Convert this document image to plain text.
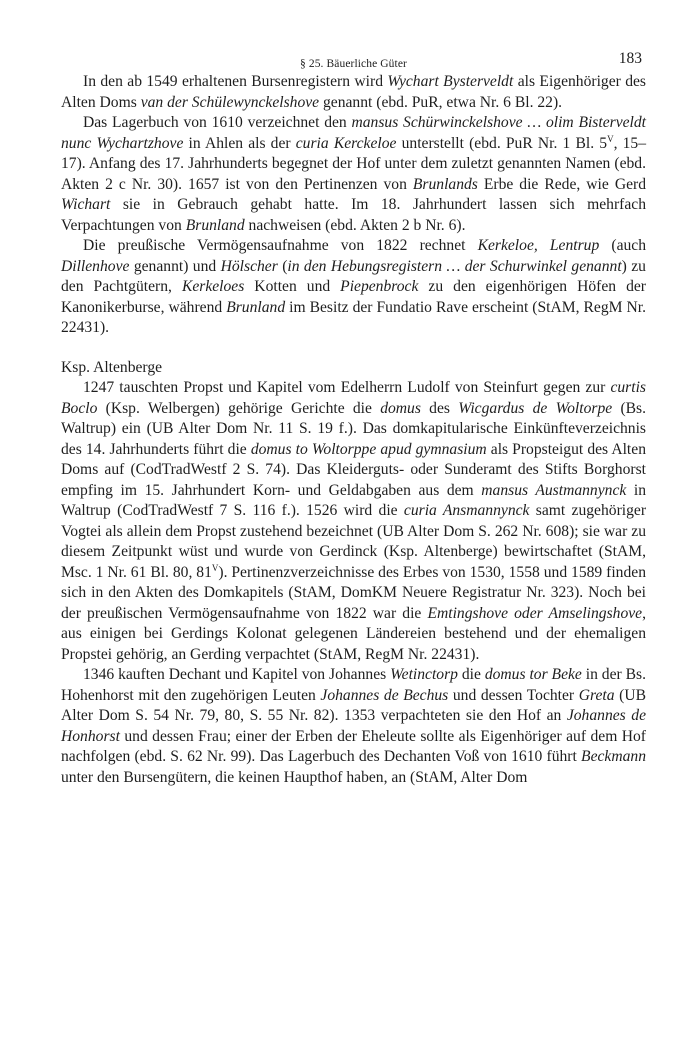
§ 25. Bäuerliche Güter	183

In den ab 1549 erhaltenen Bursenregistern wird Wychart Bysterveldt als Eigenhöriger des Alten Doms van der Schülewynckelshove genannt (ebd. PuR, etwa Nr. 6 Bl. 22).

Das Lagerbuch von 1610 verzeichnet den mansus Schürwinckelshove … olim Bisterveldt nunc Wychartzhove in Ahlen als der curia Kerckeloe unterstellt (ebd. PuR Nr. 1 Bl. $5^V$, 15–17). Anfang des 17. Jahrhunderts begegnet der Hof unter dem zuletzt genannten Namen (ebd. Akten 2 c Nr. 30). 1657 ist von den Pertinenzen von Brunlands Erbe die Rede, wie Gerd Wichart sie in Gebrauch gehabt hatte. Im 18. Jahrhundert lassen sich mehrfach Verpachtungen von Brunland nachweisen (ebd. Akten 2 b Nr. 6).

Die preußische Vermögensaufnahme von 1822 rechnet Kerkeloe, Lentrup (auch Dillenhove genannt) und Hölscher (in den Hebungsregistern … der Schurwinkel genannt) zu den Pachtgütern, Kerkeloes Kotten und Piepenbrock zu den eigenhörigen Höfen der Kanonikerburse, während Brunland im Besitz der Fundatio Rave erscheint (StAM, RegM Nr. 22431).

Ksp. Altenberge

1247 tauschten Propst und Kapitel vom Edelherrn Ludolf von Steinfurt gegen zur curtis Boclo (Ksp. Welbergen) gehörige Gerichte die domus des Wicgardus de Woltorpe (Bs. Waltrup) ein (UB Alter Dom Nr. 11 S. 19 f.). Das domkapitularische Einkünfteverzeichnis des 14. Jahrhunderts führt die domus to Woltorppe apud gymnasium als Propsteigut des Alten Doms auf (CodTradWestf 2 S. 74). Das Kleiderguts- oder Sunderamt des Stifts Borghorst empfing im 15. Jahrhundert Korn- und Geldabgaben aus dem mansus Austmannynck in Waltrup (CodTradWestf 7 S. 116 f.). 1526 wird die curia Ansmannynck samt zugehöriger Vogtei als allein dem Propst zustehend bezeichnet (UB Alter Dom S. 262 Nr. 608); sie war zu diesem Zeitpunkt wüst und wurde von Gerdinck (Ksp. Altenberge) bewirtschaftet (StAM, Msc. 1 Nr. 61 Bl. 80, $81^V$). Pertinenzverzeichnisse des Erbes von 1530, 1558 und 1589 finden sich in den Akten des Domkapitels (StAM, DomKM Neuere Registratur Nr. 323). Noch bei der preußischen Vermögensaufnahme von 1822 war die Emtingshove oder Amselingshove, aus einigen bei Gerdings Kolonat gelegenen Ländereien bestehend und der ehemaligen Propstei gehörig, an Gerding verpachtet (StAM, RegM Nr. 22431).

1346 kauften Dechant und Kapitel von Johannes Wetinctorp die domus tor Beke in der Bs. Hohenhorst mit den zugehörigen Leuten Johannes de Bechus und dessen Tochter Greta (UB Alter Dom S. 54 Nr. 79, 80, S. 55 Nr. 82). 1353 verpachteten sie den Hof an Johannes de Honhorst und dessen Frau; einer der Erben der Eheleute sollte als Eigenhöriger auf dem Hof nachfolgen (ebd. S. 62 Nr. 99). Das Lagerbuch des Dechanten Voß von 1610 führt Beckmann unter den Bursengütern, die keinen Haupthof haben, an (StAM, Alter Dom
